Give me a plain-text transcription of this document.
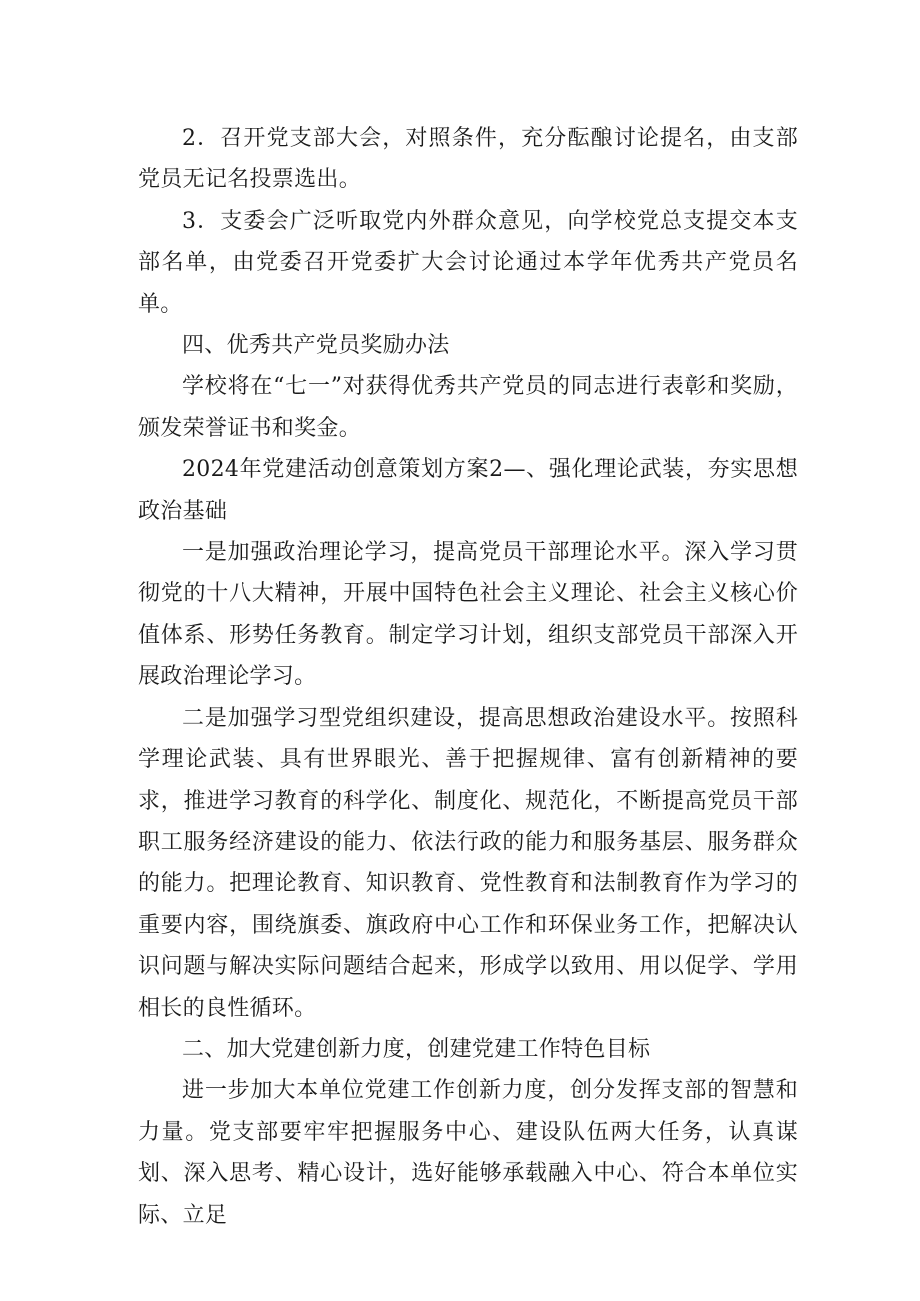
2．召开党支部大会，对照条件，充分酝酿讨论提名，由支部党员无记名投票选出。

3．支委会广泛听取党内外群众意见，向学校党总支提交本支部名单，由党委召开党委扩大会讨论通过本学年优秀共产党员名单。

四、优秀共产党员奖励办法

学校将在“七一”对获得优秀共产党员的同志进行表彰和奖励，颁发荣誉证书和奖金。

2024年党建活动创意策划方案2—、强化理论武装，夯实思想政治基础

一是加强政治理论学习，提高党员干部理论水平。深入学习贯彻党的十八大精神，开展中国特色社会主义理论、社会主义核心价值体系、形势任务教育。制定学习计划，组织支部党员干部深入开展政治理论学习。

二是加强学习型党组织建设，提高思想政治建设水平。按照科学理论武装、具有世界眼光、善于把握规律、富有创新精神的要求，推进学习教育的科学化、制度化、规范化，不断提高党员干部职工服务经济建设的能力、依法行政的能力和服务基层、服务群众的能力。把理论教育、知识教育、党性教育和法制教育作为学习的重要内容，围绕旗委、旗政府中心工作和环保业务工作，把解决认识问题与解决实际问题结合起来，形成学以致用、用以促学、学用相长的良性循环。

二、加大党建创新力度，创建党建工作特色目标

进一步加大本单位党建工作创新力度，创分发挥支部的智慧和力量。党支部要牢牢把握服务中心、建设队伍两大任务，认真谋划、深入思考、精心设计，选好能够承载融入中心、符合本单位实际、立足
